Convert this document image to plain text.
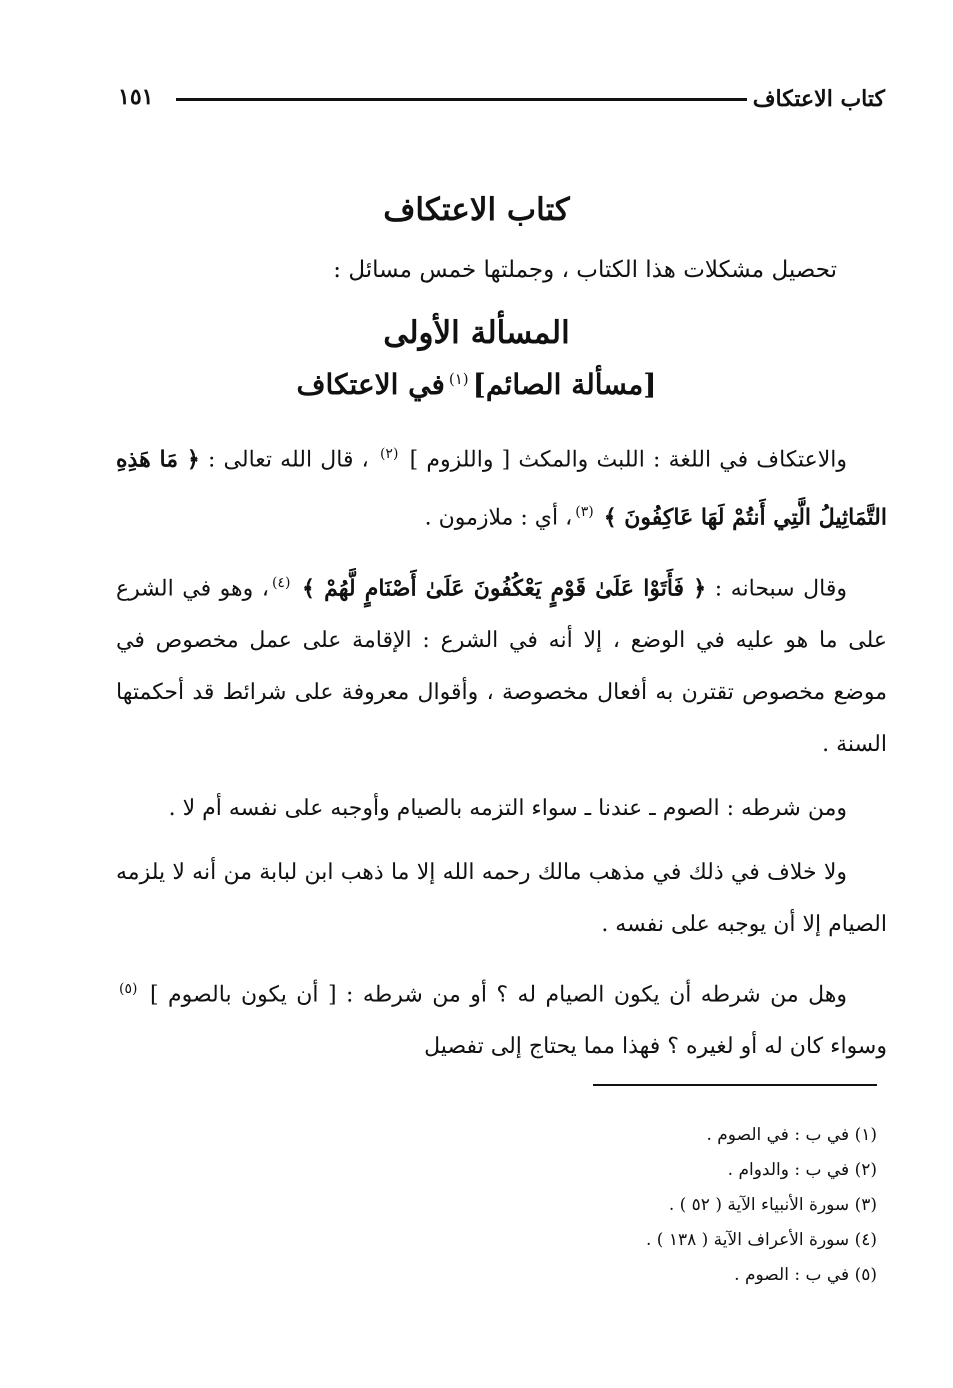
كتاب الاعتكاف
١٥١
كتاب الاعتكاف
تحصيل مشكلات هذا الكتاب ، وجملتها خمس مسائل :
المسألة الأولى
[مسألة الصائم]$^{(١)}$في الاعتكاف

والاعتكاف في اللغة : اللبث والمكث [ واللزوم ] $^{(٢)}$ ، قال الله تعالى : ﴿ مَا هَذِهِ التَّمَاثِيلُ الَّتِي أَنتُمْ لَهَا عَاكِفُونَ ﴾ $^{(٣)}$، أي : ملازمون .

وقال سبحانه : ﴿ فَأَتَوْا عَلَىٰ قَوْمٍ يَعْكُفُونَ عَلَىٰ أَصْنَامٍ لَّهُمْ ﴾ $^{(٤)}$، وهو في الشرع على ما هو عليه في الوضع ، إلا أنه في الشرع : الإقامة على عمل مخصوص في موضع مخصوص تقترن به أفعال مخصوصة ، وأقوال معروفة على شرائط قد أحكمتها السنة .

ومن شرطه : الصوم ـ عندنا ـ سواء التزمه بالصيام وأوجبه على نفسه أم لا .

ولا خلاف في ذلك في مذهب مالك رحمه الله إلا ما ذهب ابن لبابة من أنه لا يلزمه الصيام إلا أن يوجبه على نفسه .

وهل من شرطه أن يكون الصيام له ؟ أو من شرطه : [ أن يكون بالصوم ] $^{(٥)}$ وسواء كان له أو لغيره ؟ فهذا مما يحتاج إلى تفصيل

(١) في ب : في الصوم .

(٢) في ب : والدوام .

(٣) سورة الأنبياء الآية ( ٥٢ ) .

(٤) سورة الأعراف الآية ( ١٣٨ ) .

(٥) في ب : الصوم .
